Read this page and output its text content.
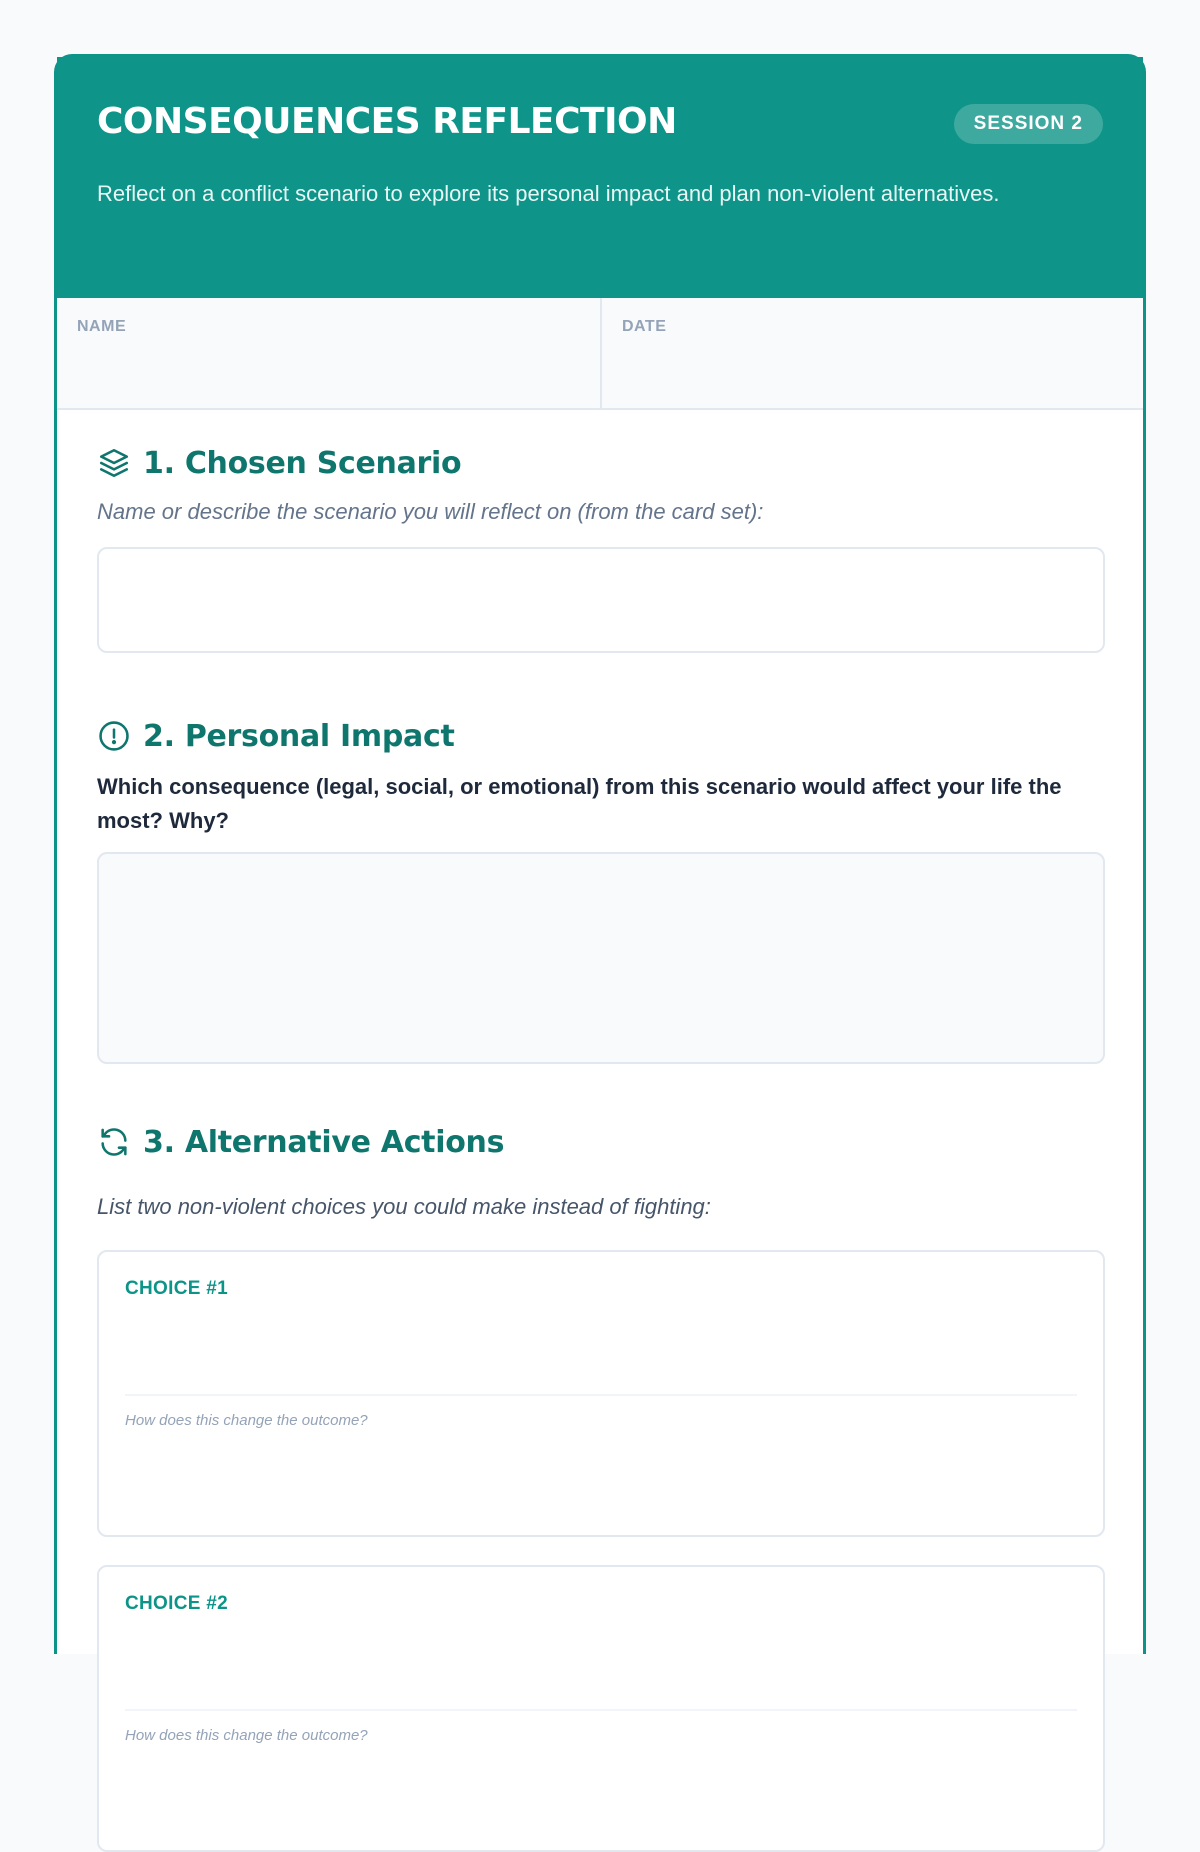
CONSEQUENCES REFLECTION	SESSION 2
Reflect on a conflict scenario to explore its personal impact and plan non-violent alternatives.
NAME	DATE
1. Chosen Scenario
Name or describe the scenario you will reflect on (from the card set):
2. Personal Impact
Which consequence (legal, social, or emotional) from this scenario would affect your life the most? Why?
3. Alternative Actions
List two non-violent choices you could make instead of fighting:
CHOICE #1
How does this change the outcome?
CHOICE #2
How does this change the outcome?
